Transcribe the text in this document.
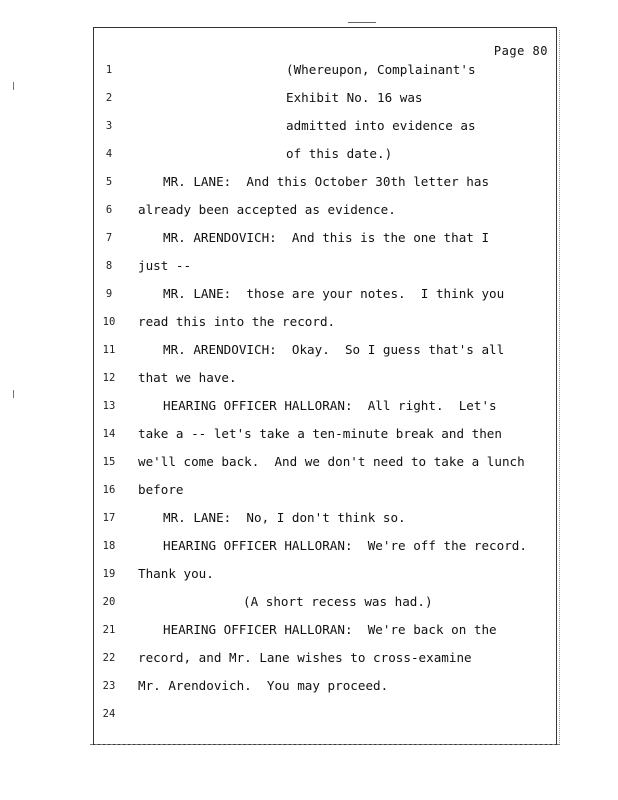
Page 80
1	(Whereupon, Complainant's
2	Exhibit No. 16 was
3	admitted into evidence as
4	of this date.)
5	MR. LANE:  And this October 30th letter has
6	already been accepted as evidence.
7	MR. ARENDOVICH:  And this is the one that I
8	just --
9	MR. LANE:  those are your notes.  I think you
10	read this into the record.
11	MR. ARENDOVICH:  Okay.  So I guess that's all
12	that we have.
13	HEARING OFFICER HALLORAN:  All right.  Let's
14	take a -- let's take a ten-minute break and then
15	we'll come back.  And we don't need to take a lunch
16	before
17	MR. LANE:  No, I don't think so.
18	HEARING OFFICER HALLORAN:  We're off the record.
19	Thank you.
20	(A short recess was had.)
21	HEARING OFFICER HALLORAN:  We're back on the
22	record, and Mr. Lane wishes to cross-examine
23	Mr. Arendovich.  You may proceed.
24
